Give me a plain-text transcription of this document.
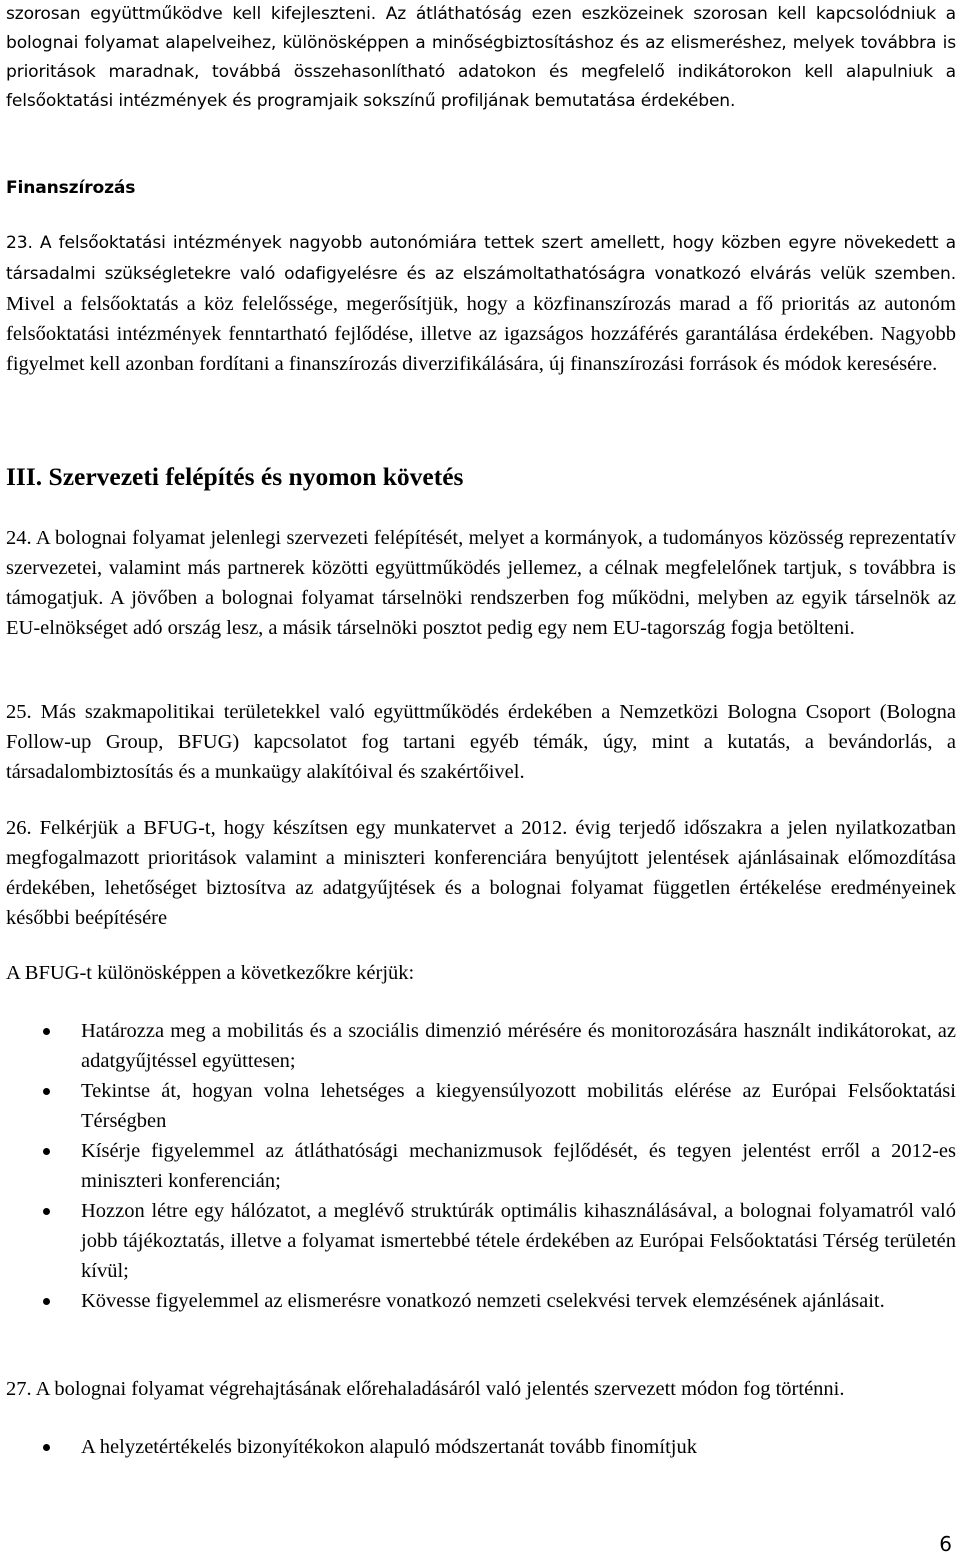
szorosan együttműködve kell kifejleszteni. Az átláthatóság ezen eszközeinek szorosan kell kapcsolódniuk a bolognai folyamat alapelveihez, különösképpen a minőségbiztosításhoz és az elismeréshez, melyek továbbra is prioritások maradnak, továbbá összehasonlítható adatokon és megfelelő indikátorokon kell alapulniuk a felsőoktatási intézmények és programjaik sokszínű profiljának bemutatása érdekében.

Finanszírozás

23. A felsőoktatási intézmények nagyobb autonómiára tettek szert amellett, hogy közben egyre növekedett a társadalmi szükségletekre való odafigyelésre és az elszámoltathatóságra vonatkozó elvárás velük szemben. Mivel a felsőoktatás a köz felelőssége, megerősítjük, hogy a közfinanszírozás marad a fő prioritás az autonóm felsőoktatási intézmények fenntartható fejlődése, illetve az igazságos hozzáférés garantálása érdekében. Nagyobb figyelmet kell azonban fordítani a finanszírozás diverzifikálására, új finanszírozási források és módok keresésére.

III. Szervezeti felépítés és nyomon követés

24. A bolognai folyamat jelenlegi szervezeti felépítését, melyet a kormányok, a tudományos közösség reprezentatív szervezetei, valamint más partnerek közötti együttműködés jellemez, a célnak megfelelőnek tartjuk, s továbbra is támogatjuk. A jövőben a bolognai folyamat társelnöki rendszerben fog működni, melyben az egyik társelnök az EU-elnökséget adó ország lesz, a másik társelnöki posztot pedig egy nem EU-tagország fogja betölteni.

25. Más szakmapolitikai területekkel való együttműködés érdekében a Nemzetközi Bologna Csoport (Bologna Follow-up Group, BFUG) kapcsolatot fog tartani egyéb témák, úgy, mint a kutatás, a bevándorlás, a társadalombiztosítás és a munkaügy alakítóival és szakértőivel.

26. Felkérjük a BFUG-t, hogy készítsen egy munkatervet a 2012. évig terjedő időszakra a jelen nyilatkozatban megfogalmazott prioritások valamint a miniszteri konferenciára benyújtott jelentések ajánlásainak előmozdítása érdekében, lehetőséget biztosítva az adatgyűjtések és a bolognai folyamat független értékelése eredményeinek későbbi beépítésére

A BFUG-t különösképpen a következőkre kérjük:

Határozza meg a mobilitás és a szociális dimenzió mérésére és monitorozására használt indikátorokat, az adatgyűjtéssel együttesen;
Tekintse át, hogyan volna lehetséges a kiegyensúlyozott mobilitás elérése az Európai Felsőoktatási Térségben
Kísérje figyelemmel az átláthatósági mechanizmusok fejlődését, és tegyen jelentést erről a 2012-es miniszteri konferencián;
Hozzon létre egy hálózatot, a meglévő struktúrák optimális kihasználásával, a bolognai folyamatról való jobb tájékoztatás, illetve a folyamat ismertebbé tétele érdekében az Európai Felsőoktatási Térség területén kívül;
Kövesse figyelemmel az elismerésre vonatkozó nemzeti cselekvési tervek elemzésének ajánlásait.

27. A bolognai folyamat végrehajtásának előrehaladásáról való jelentés szervezett módon fog történni.

A helyzetértékelés bizonyítékokon alapuló módszertanát tovább finomítjuk
6
